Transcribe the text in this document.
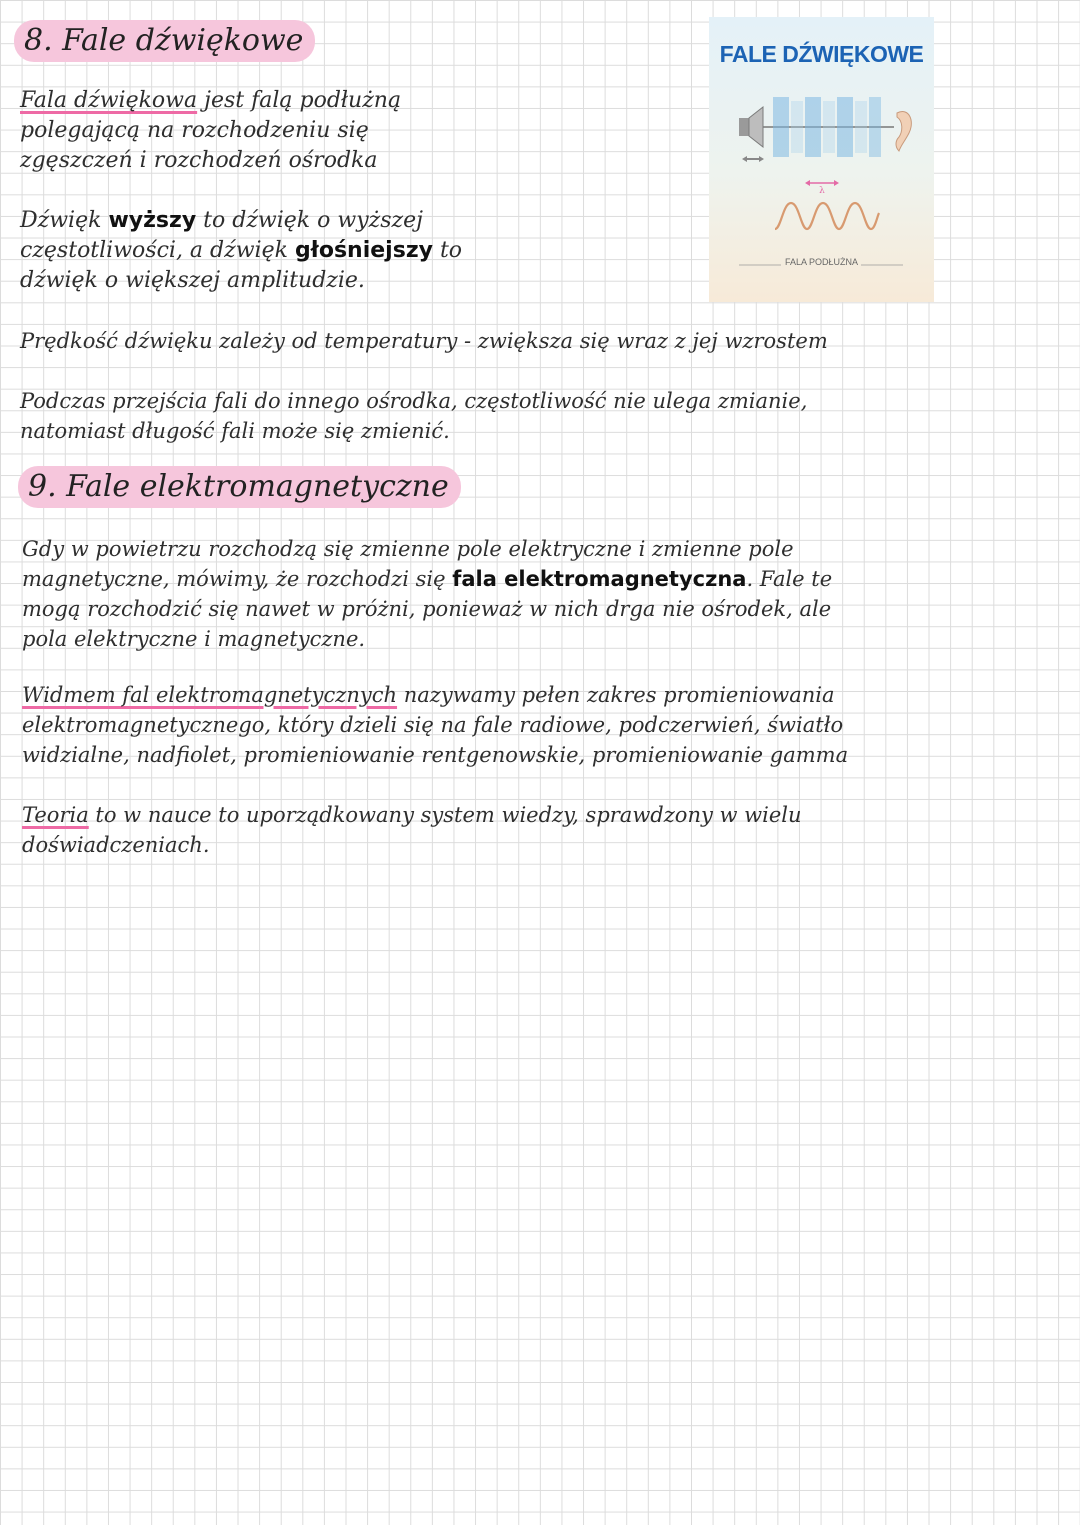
8. Fale dźwiękowe
Fala dźwiękowa jest falą podłużną
polegającą na rozchodzeniu się
zgęszczeń i rozchodzeń ośrodka
Dźwięk wyższy to dźwięk o wyższej
częstotliwości, a dźwięk głośniejszy to
dźwięk o większej amplitudzie.
Prędkość dźwięku zależy od temperatury - zwiększa się wraz z jej wzrostem
Podczas przejścia fali do innego ośrodka, częstotliwość nie ulega zmianie,
natomiast długość fali może się zmienić.
FALE DŹWIĘKOWE
λ
FALA PODŁUŻNA
9. Fale elektromagnetyczne
Gdy w powietrzu rozchodzą się zmienne pole elektryczne i zmienne pole
magnetyczne, mówimy, że rozchodzi się fala elektromagnetyczna. Fale te
mogą rozchodzić się nawet w próżni, ponieważ w nich drga nie ośrodek, ale
pola elektryczne i magnetyczne.
Widmem fal elektromagnetycznych nazywamy pełen zakres promieniowania
elektromagnetycznego, który dzieli się na fale radiowe, podczerwień, światło
widzialne, nadfiolet, promieniowanie rentgenowskie, promieniowanie gamma
Teoria to w nauce to uporządkowany system wiedzy, sprawdzony w wielu
doświadczeniach.
